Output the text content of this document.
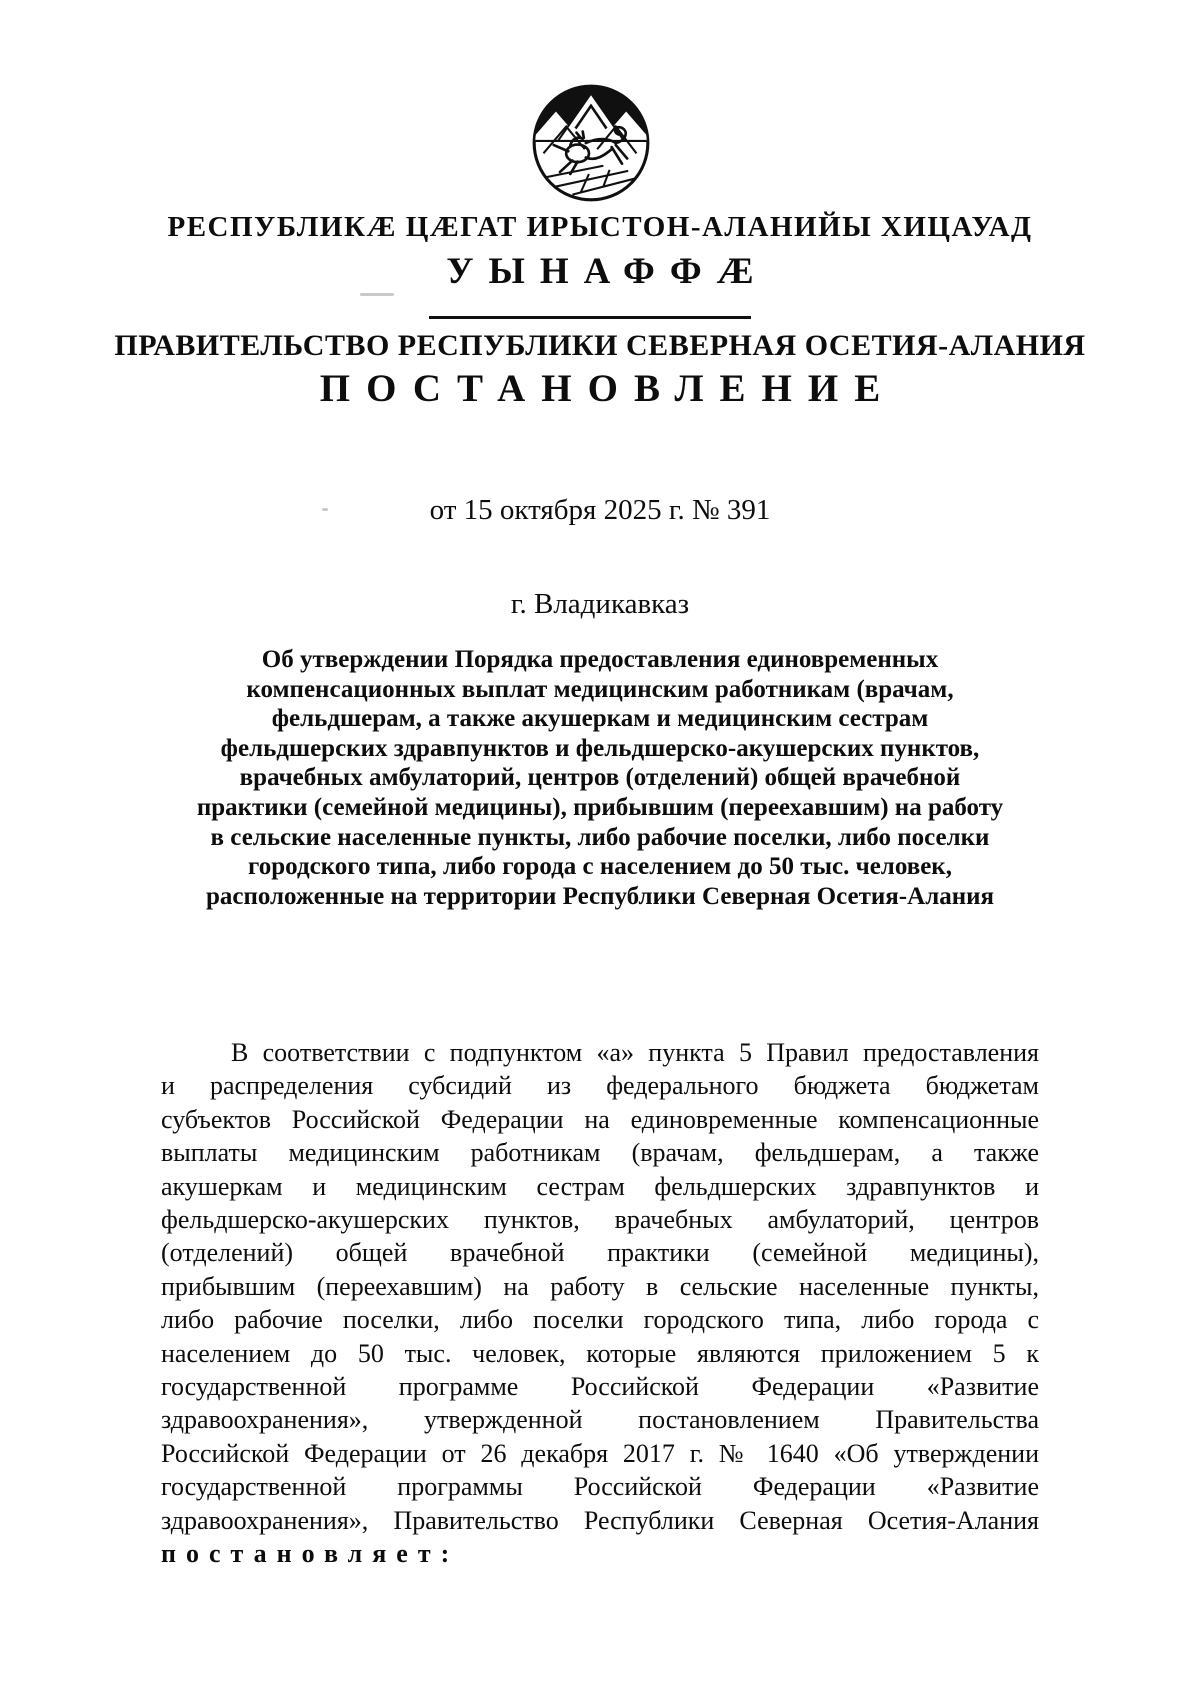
РЕСПУБЛИКÆ ЦÆГАТ ИРЫСТОН-АЛАНИЙЫ ХИЦАУАД
УЫНАФФÆ
ПРАВИТЕЛЬСТВО РЕСПУБЛИКИ СЕВЕРНАЯ ОСЕТИЯ-АЛАНИЯ
ПОСТАНОВЛЕНИЕ
от 15 октября 2025 г. № 391
г. Владикавказ
Об утверждении Порядка предоставления единовременных
компенсационных выплат медицинским работникам (врачам,
фельдшерам, а также акушеркам и медицинским сестрам
фельдшерских здравпунктов и фельдшерско-акушерских пунктов,
врачебных амбулаторий, центров (отделений) общей врачебной
практики (семейной медицины), прибывшим (переехавшим) на работу
в сельские населенные пункты, либо рабочие поселки, либо поселки
городского типа, либо города с населением до 50 тыс. человек,
расположенные на территории Республики Северная Осетия-Алания
В соответствии с подпунктом «а» пункта 5 Правил предоставления
и распределения субсидий из федерального бюджета бюджетам
субъектов Российской Федерации на единовременные компенсационные
выплаты медицинским работникам (врачам, фельдшерам, а также
акушеркам и медицинским сестрам фельдшерских здравпунктов и
фельдшерско-акушерских пунктов, врачебных амбулаторий, центров
(отделений) общей врачебной практики (семейной медицины),
прибывшим (переехавшим) на работу в сельские населенные пункты,
либо рабочие поселки, либо поселки городского типа, либо города с
населением до 50 тыс. человек, которые являются приложением 5 к
государственной программе Российской Федерации «Развитие
здравоохранения», утвержденной постановлением Правительства
Российской Федерации от 26 декабря 2017 г. № 1640 «Об утверждении
государственной программы Российской Федерации «Развитие
здравоохранения», Правительство Республики Северная Осетия-Алания
постановляет:
